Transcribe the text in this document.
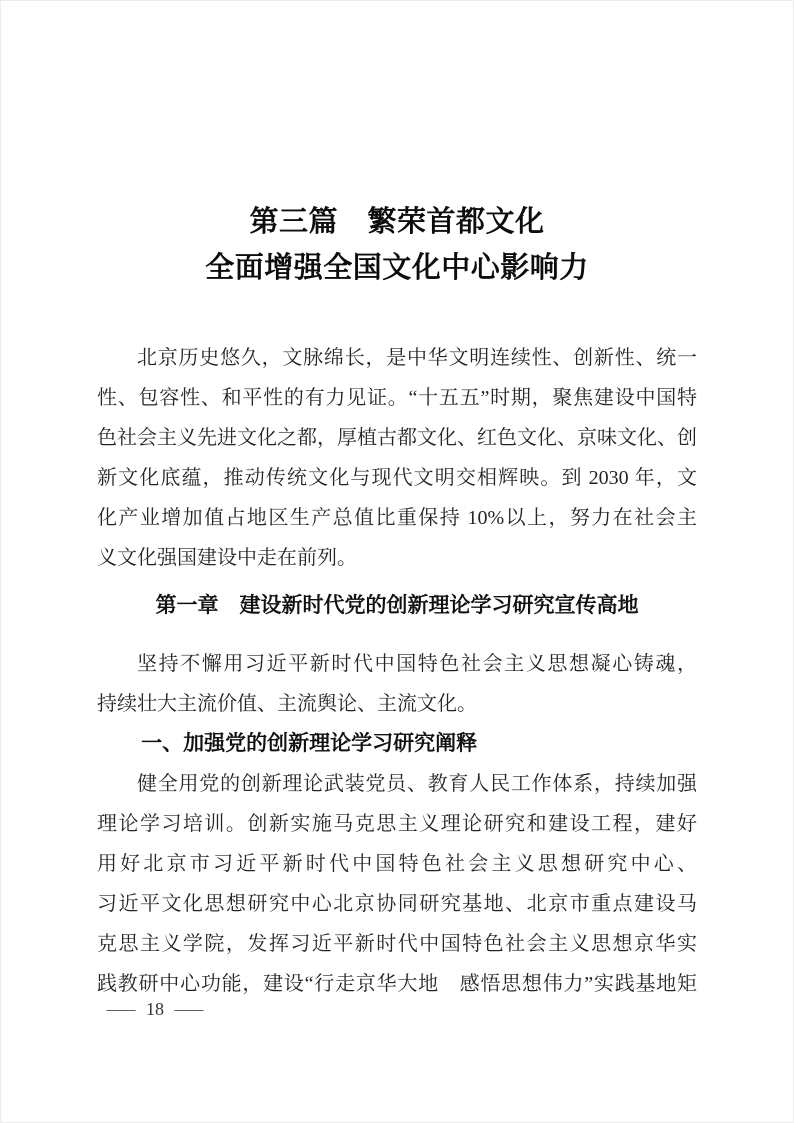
第三篇　繁荣首都文化
全面增强全国文化中心影响力
北京历史悠久，文脉绵长，是中华文明连续性、创新性、统一
性、包容性、和平性的有力见证。“十五五”时期，聚焦建设中国特
色社会主义先进文化之都，厚植古都文化、红色文化、京味文化、创
新文化底蕴，推动传统文化与现代文明交相辉映。到 2030 年，文
化产业增加值占地区生产总值比重保持 10%以上，努力在社会主
义文化强国建设中走在前列。
第一章　建设新时代党的创新理论学习研究宣传高地
坚持不懈用习近平新时代中国特色社会主义思想凝心铸魂，
持续壮大主流价值、主流舆论、主流文化。
一、加强党的创新理论学习研究阐释
健全用党的创新理论武装党员、教育人民工作体系，持续加强
理论学习培训。创新实施马克思主义理论研究和建设工程，建好
用好北京市习近平新时代中国特色社会主义思想研究中心、
习近平文化思想研究中心北京协同研究基地、北京市重点建设马
克思主义学院，发挥习近平新时代中国特色社会主义思想京华实
践教研中心功能，建设“行走京华大地　感悟思想伟力”实践基地矩
— 18 —
